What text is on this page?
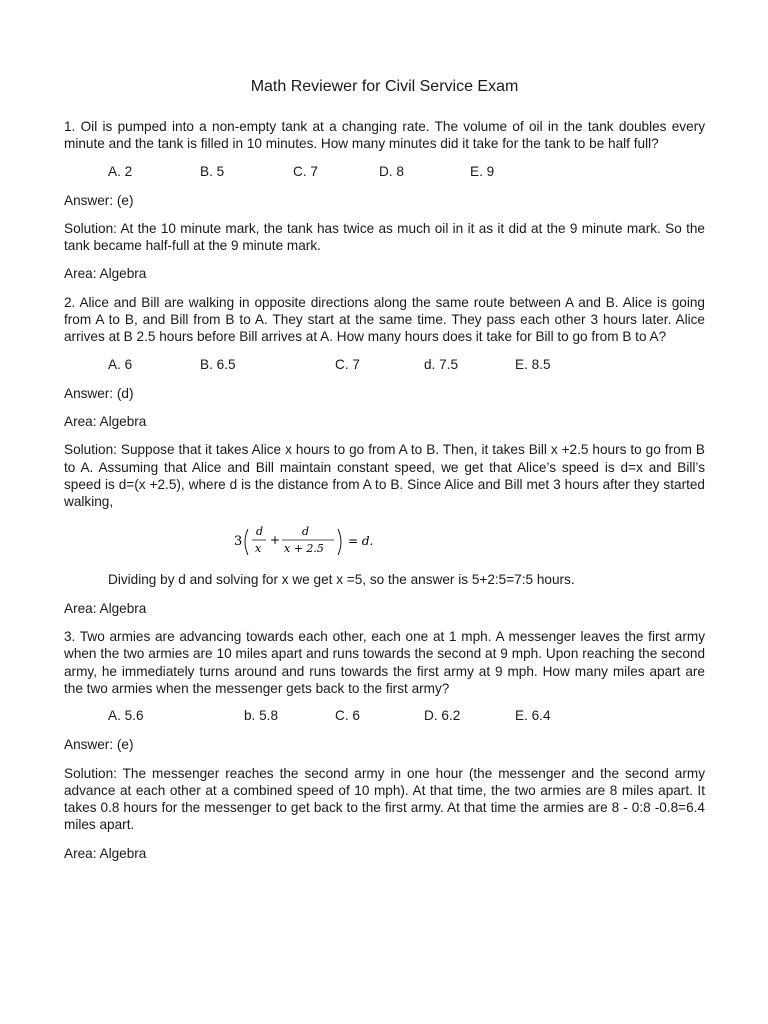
Math Reviewer for Civil Service Exam

1. Oil is pumped into a non-empty tank at a changing rate. The volume of oil in the tank doubles every minute and the tank is filled in 10 minutes. How many minutes did it take for the tank to be half full?

A. 2	B. 5	C. 7	D. 8	E. 9

Answer: (e)

Solution: At the 10 minute mark, the tank has twice as much oil in it as it did at the 9 minute mark. So the tank became half-full at the 9 minute mark.

Area: Algebra

2. Alice and Bill are walking in opposite directions along the same route between A and B. Alice is going from A to B, and Bill from B to A. They start at the same time. They pass each other 3 hours later. Alice arrives at B 2.5 hours before Bill arrives at A. How many hours does it take for Bill to go from B to A?

A. 6	B. 6.5	C. 7	d. 7.5	E. 8.5

Answer: (d)

Area: Algebra

Solution: Suppose that it takes Alice x hours to go from A to B. Then, it takes Bill x +2.5 hours to go from B to A. Assuming that Alice and Bill maintain constant speed, we get that Alice’s speed is d=x and Bill’s speed is d=(x +2.5), where d is the distance from A to B. Since Alice and Bill met 3 hours after they started walking,

3
d
x
+
d
x + 2.5
= d.

Dividing by d and solving for x we get x =5, so the answer is 5+2:5=7:5 hours.

Area: Algebra

3. Two armies are advancing towards each other, each one at 1 mph. A messenger leaves the first army when the two armies are 10 miles apart and runs towards the second at 9 mph. Upon reaching the second army, he immediately turns around and runs towards the first army at 9 mph. How many miles apart are the two armies when the messenger gets back to the first army?

A. 5.6	b. 5.8	C. 6	D. 6.2	E. 6.4

Answer: (e)

Solution: The messenger reaches the second army in one hour (the messenger and the second army advance at each other at a combined speed of 10 mph). At that time, the two armies are 8 miles apart. It takes 0.8 hours for the messenger to get back to the first army. At that time the armies are 8 - 0:8 -0.8=6.4 miles apart.

Area: Algebra
